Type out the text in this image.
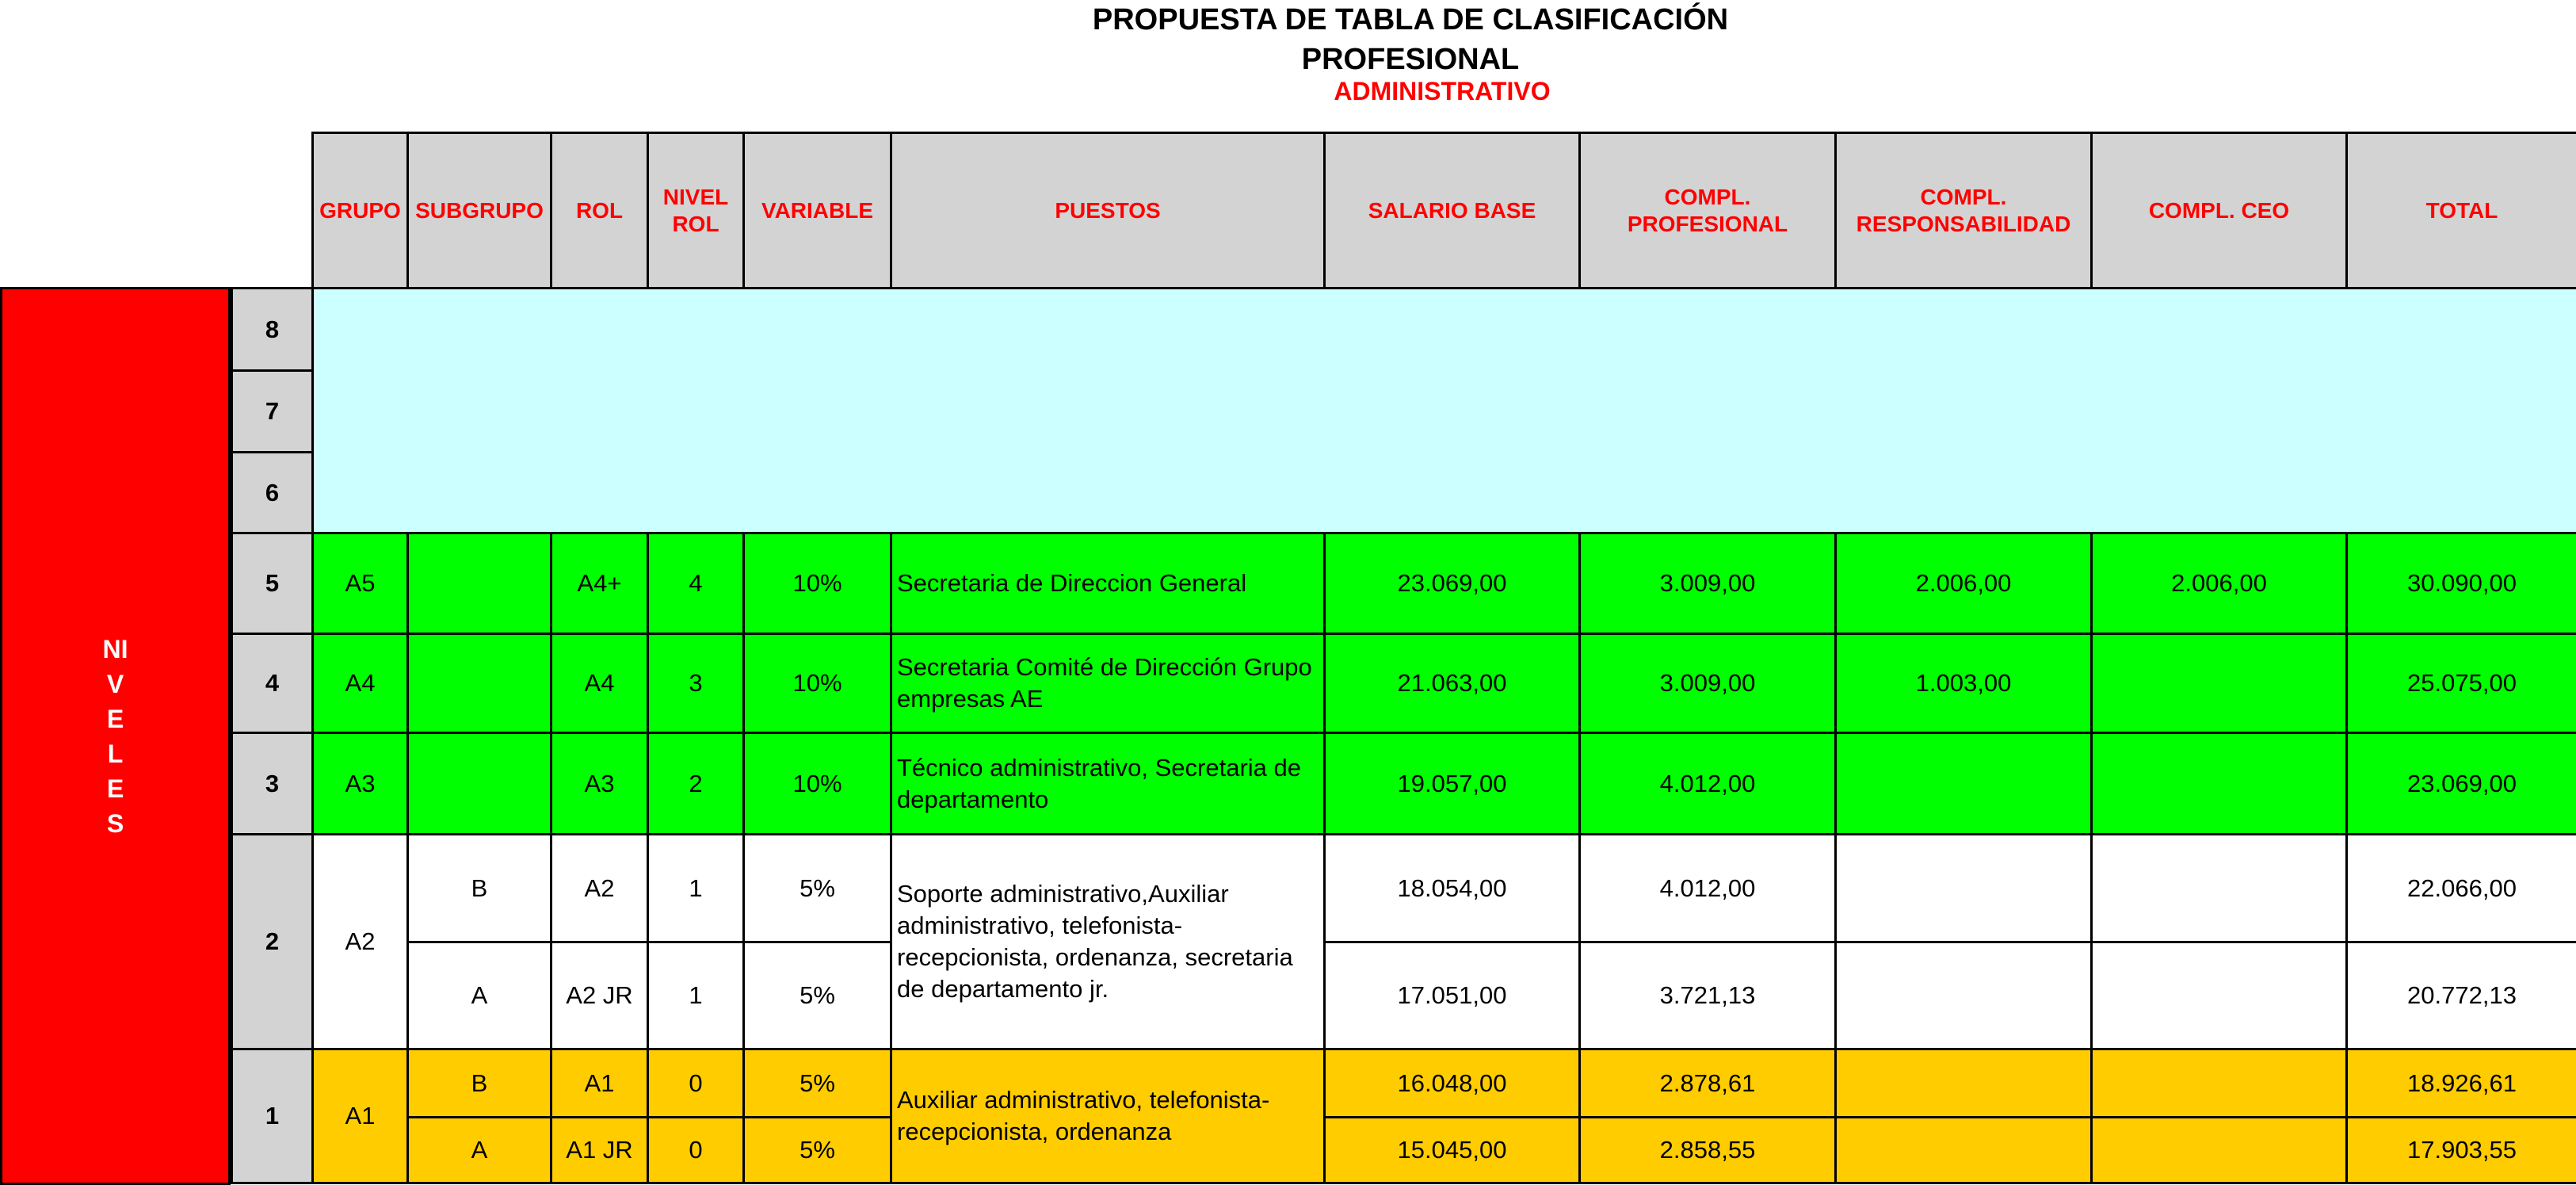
PROPUESTA DE TABLA DE CLASIFICACIÓN PROFESIONAL
ADMINISTRATIVO
NIVELES
	GRUPO	SUBGRUPO	ROL	NIVEL ROL	VARIABLE	PUESTOS	SALARIO BASE	COMPL. PROFESIONAL	COMPL. RESPONSABILIDAD	COMPL. CEO	TOTAL
8											
7											
6											
5	A5		A4+	4	10%	Secretaria de Direccion General	23.069,00	3.009,00	2.006,00	2.006,00	30.090,00
4	A4		A4	3	10%	Secretaria Comité de Dirección Grupo empresas AE	21.063,00	3.009,00	1.003,00		25.075,00
3	A3		A3	2	10%	Técnico administrativo, Secretaria de departamento	19.057,00	4.012,00			23.069,00
2	A2	B	A2	1	5%	Soporte administrativo,Auxiliar administrativo, telefonista-recepcionista, ordenanza, secretaria de departamento jr.	18.054,00	4.012,00			22.066,00
		A	A2 JR	1	5%		17.051,00	3.721,13			20.772,13
1	A1	B	A1	0	5%	Auxiliar administrativo, telefonista-recepcionista, ordenanza	16.048,00	2.878,61			18.926,61
		A	A1 JR	0	5%		15.045,00	2.858,55			17.903,55
